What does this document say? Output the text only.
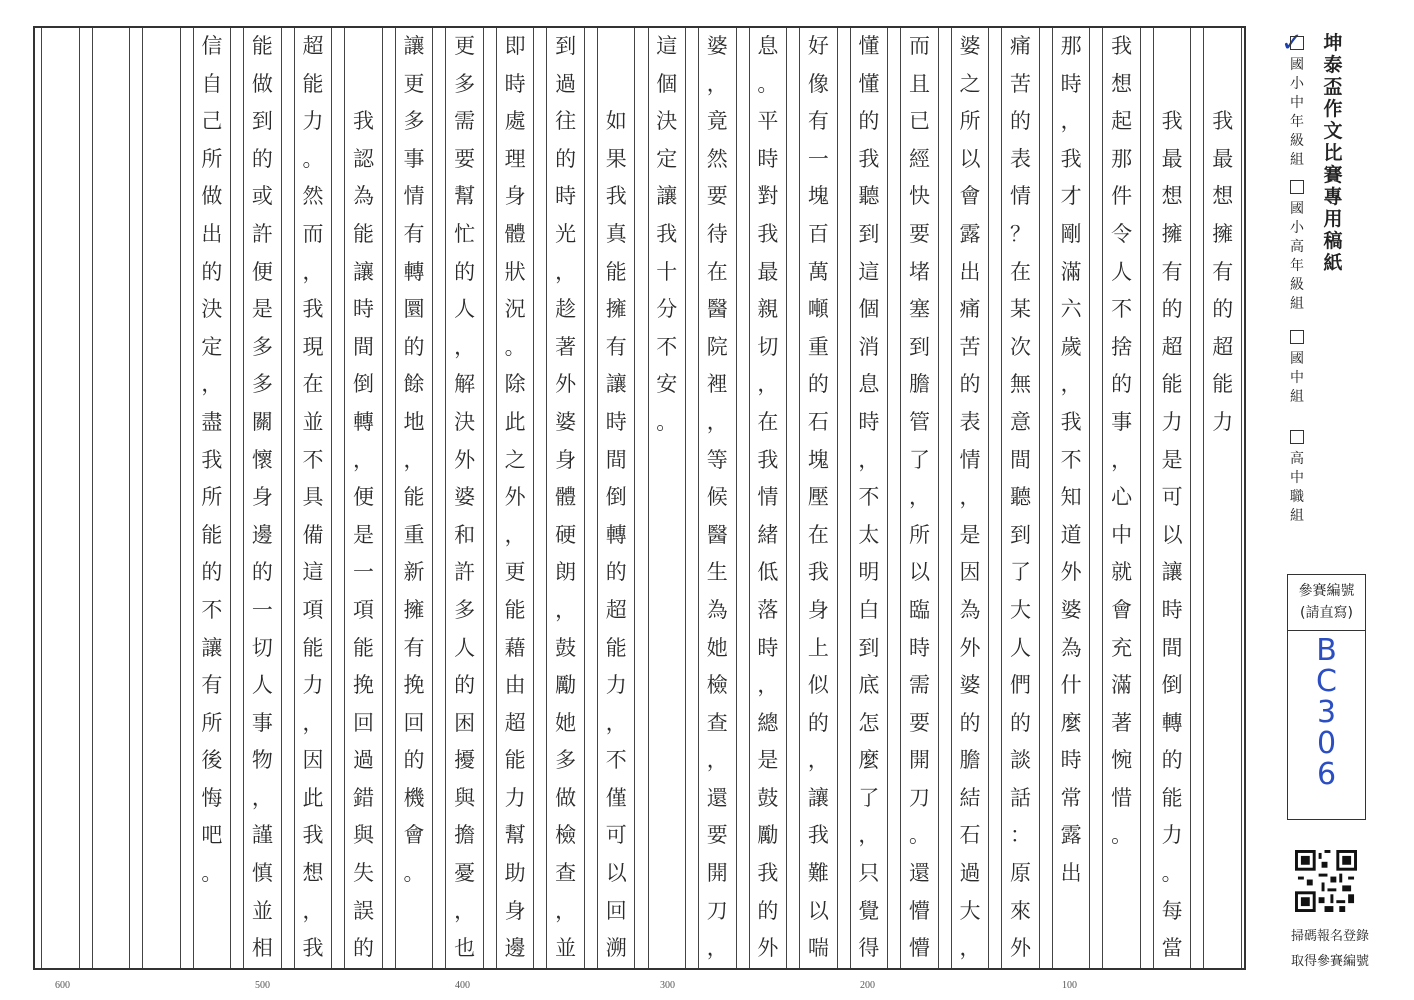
我
最
想
擁
有
的
超
能
力

我
最
想
擁
有
的
超
能
力
是
可
以
讓
時
間
倒
轉
的
能
力
。
每
當
我
想
起
那
件
令
人
不
捨
的
事
，
心
中
就
會
充
滿
著
惋
惜
。
那
時
，
我
才
剛
滿
六
歲
，
我
不
知
道
外
婆
為
什
麼
時
常
露
出
痛
苦
的
表
情
？
在
某
次
無
意
間
聽
到
了
大
人
們
的
談
話
：
原
來
外
婆
之
所
以
會
露
出
痛
苦
的
表
情
，
是
因
為
外
婆
的
膽
結
石
過
大
，
而
且
已
經
快
要
堵
塞
到
膽
管
了
，
所
以
臨
時
需
要
開
刀
。
還
懵
懵
懂
懂
的
我
聽
到
這
個
消
息
時
，
不
太
明
白
到
底
怎
麼
了
，
只
覺
得
好
像
有
一
塊
百
萬
噸
重
的
石
塊
壓
在
我
身
上
似
的
，
讓
我
難
以
喘
息
。
平
時
對
我
最
親
切
，
在
我
情
緒
低
落
時
，
總
是
鼓
勵
我
的
外
婆
，
竟
然
要
待
在
醫
院
裡
，
等
候
醫
生
為
她
檢
查
，
還
要
開
刀
，
這
個
決
定
讓
我
十
分
不
安
。

如
果
我
真
能
擁
有
讓
時
間
倒
轉
的
超
能
力
，
不
僅
可
以
回
溯
到
過
往
的
時
光
，
趁
著
外
婆
身
體
硬
朗
，
鼓
勵
她
多
做
檢
查
，
並
即
時
處
理
身
體
狀
況
。
除
此
之
外
，
更
能
藉
由
超
能
力
幫
助
身
邊
更
多
需
要
幫
忙
的
人
，
解
決
外
婆
和
許
多
人
的
困
擾
與
擔
憂
，
也
讓
更
多
事
情
有
轉
圜
的
餘
地
，
能
重
新
擁
有
挽
回
的
機
會
。

我
認
為
能
讓
時
間
倒
轉
，
便
是
一
項
能
挽
回
過
錯
與
失
誤
的
超
能
力
。
然
而
，
我
現
在
並
不
具
備
這
項
能
力
，
因
此
我
想
，
我
能
做
到
的
或
許
便
是
多
多
關
懷
身
邊
的
一
切
人
事
物
，
謹
慎
並
相
信
自
己
所
做
出
的
決
定
，
盡
我
所
能
的
不
讓
有
所
後
悔
吧
。
600	500	400	300	200	100
✓ 坤泰盃作文比賽專用稿紙
國小中年級組
國小高年級組
國中組
高中職組
參賽編號
(請直寫)
B
C
3
0
6
掃碼報名登錄
取得參賽編號
